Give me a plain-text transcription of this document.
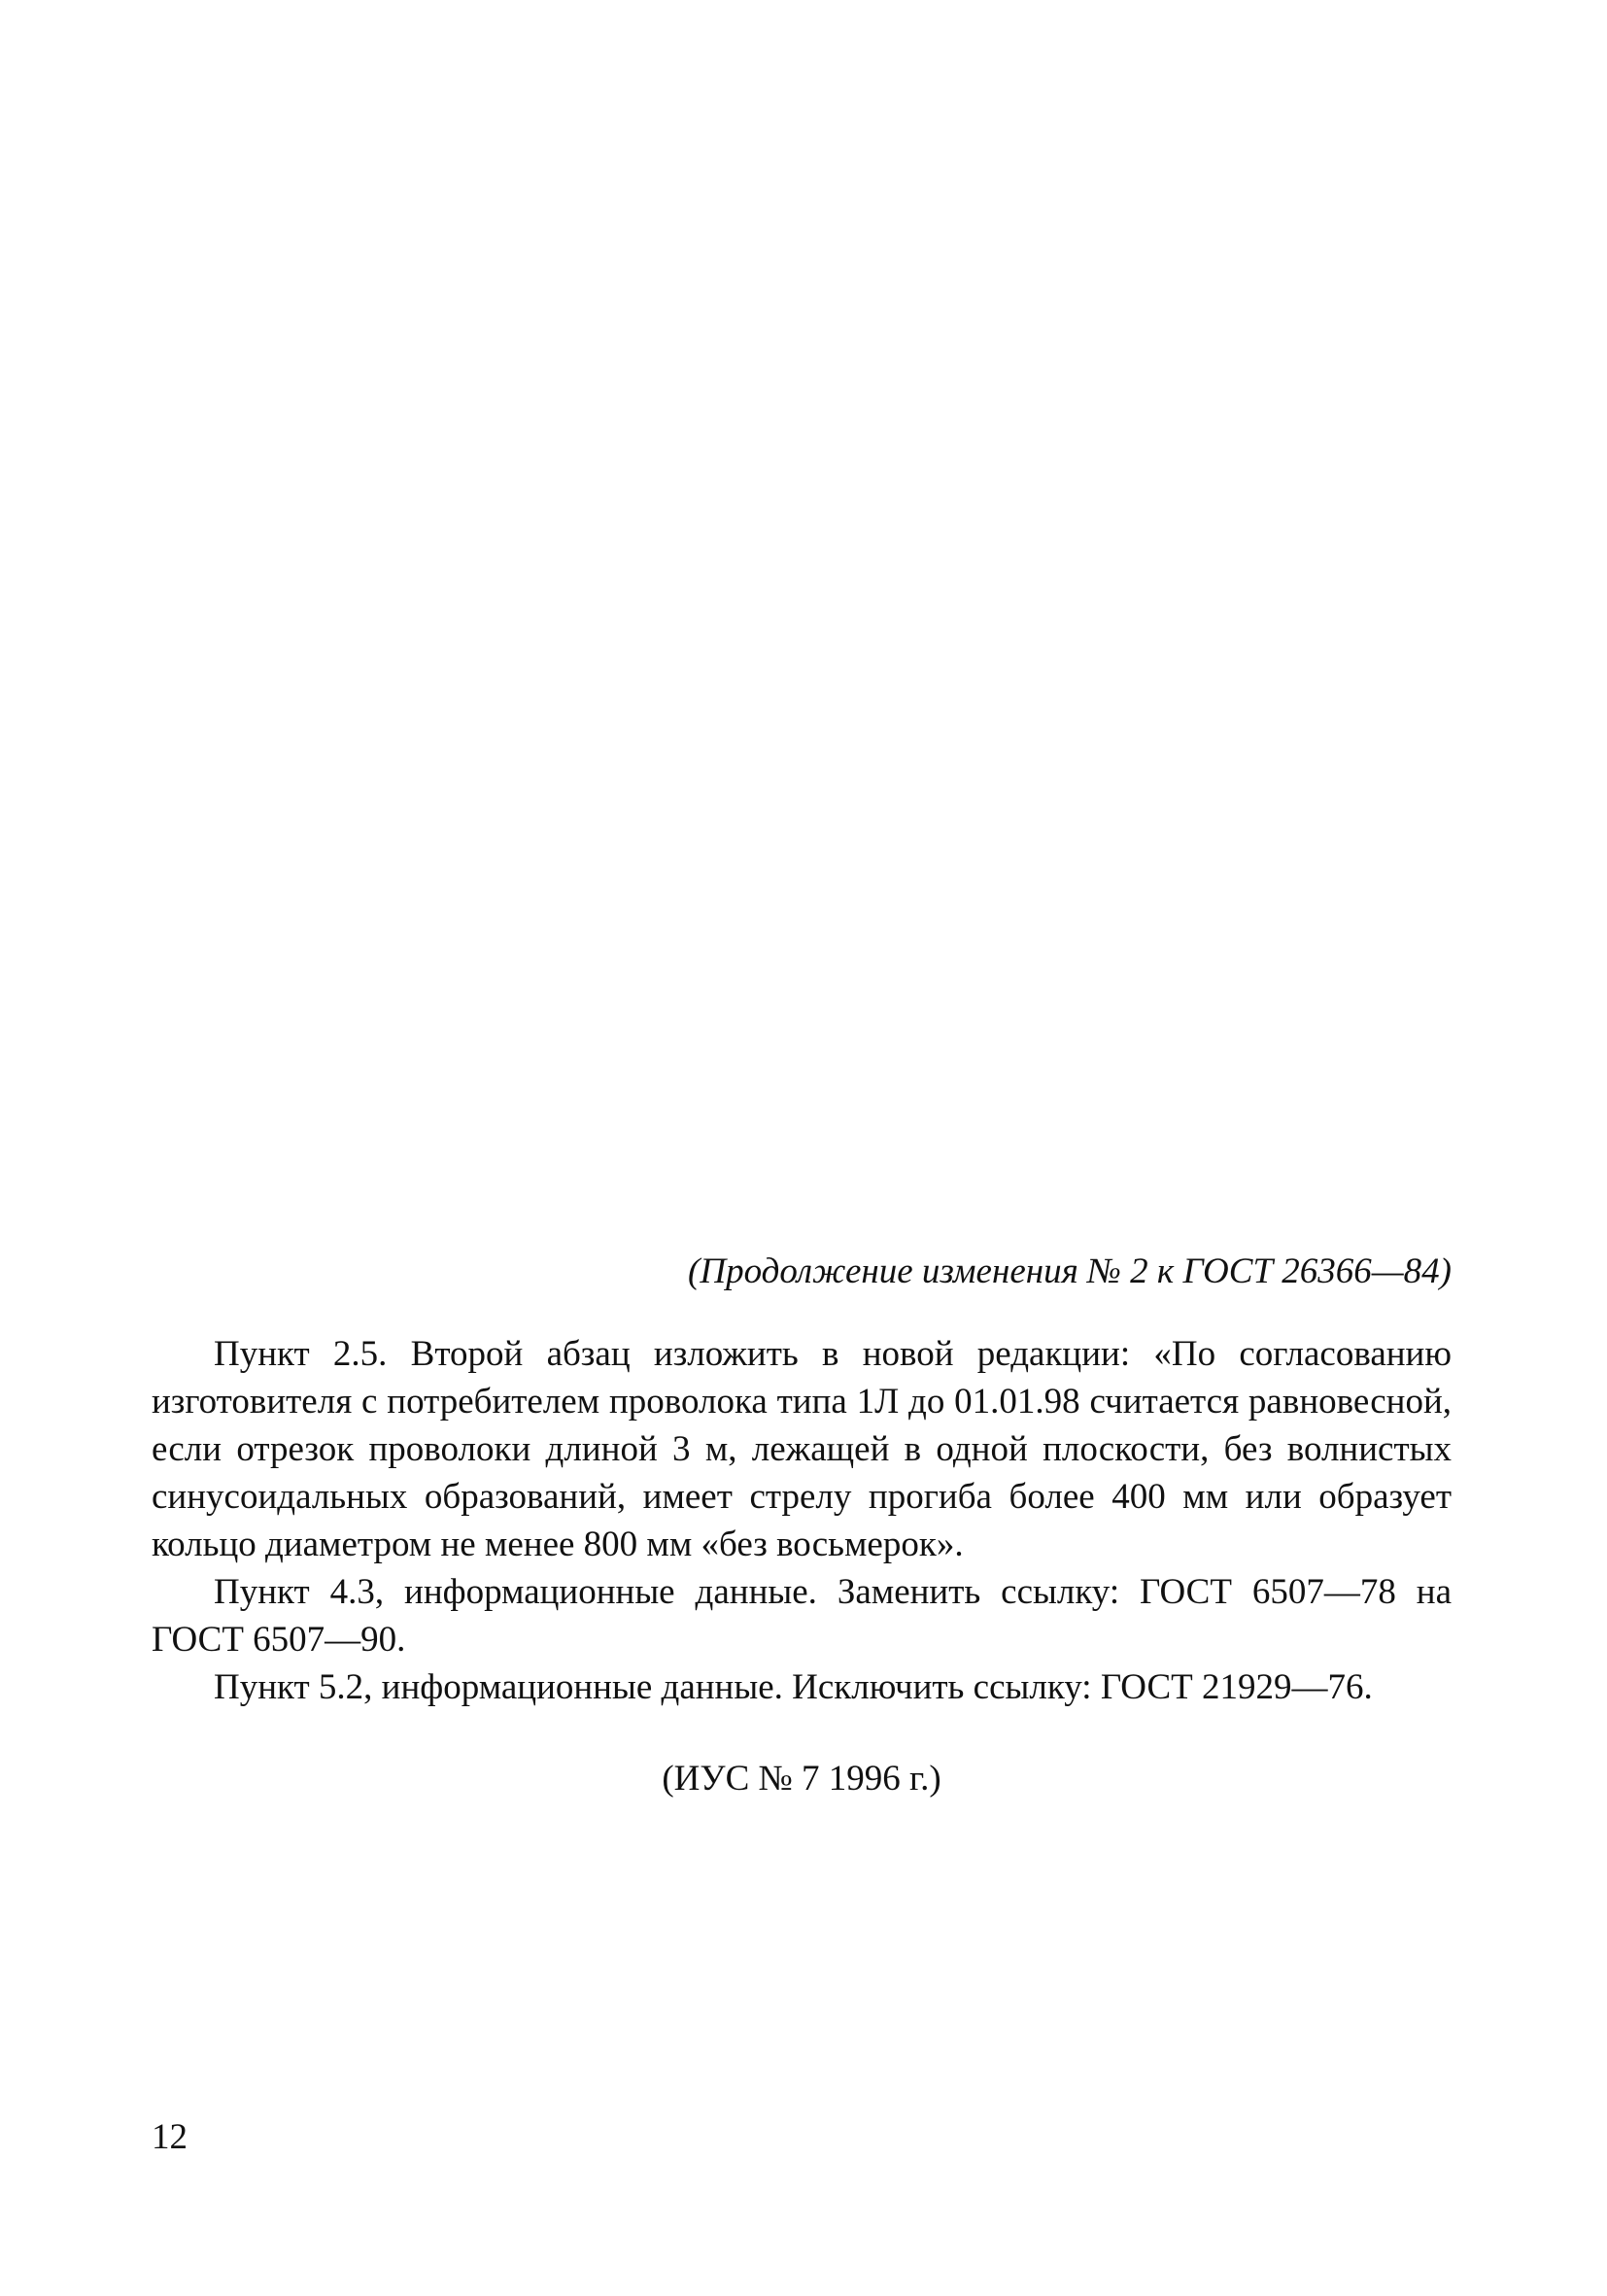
(Продолжение изменения № 2 к ГОСТ 26366—84)

Пункт 2.5. Второй абзац изложить в новой редакции: «По согласованию изготовителя с потребителем проволока типа 1Л до 01.01.98 считается равновесной, если отрезок проволоки длиной 3 м, лежащей в одной плоскости, без волнистых синусоидальных образований, имеет стрелу прогиба более 400 мм или образует кольцо диаметром не менее 800 мм «без восьмерок».

Пункт 4.3, информационные данные. Заменить ссылку: ГОСТ 6507—78 на ГОСТ 6507—90.

Пункт 5.2, информационные данные. Исключить ссылку: ГОСТ 21929—76.

(ИУС № 7 1996 г.)

12
